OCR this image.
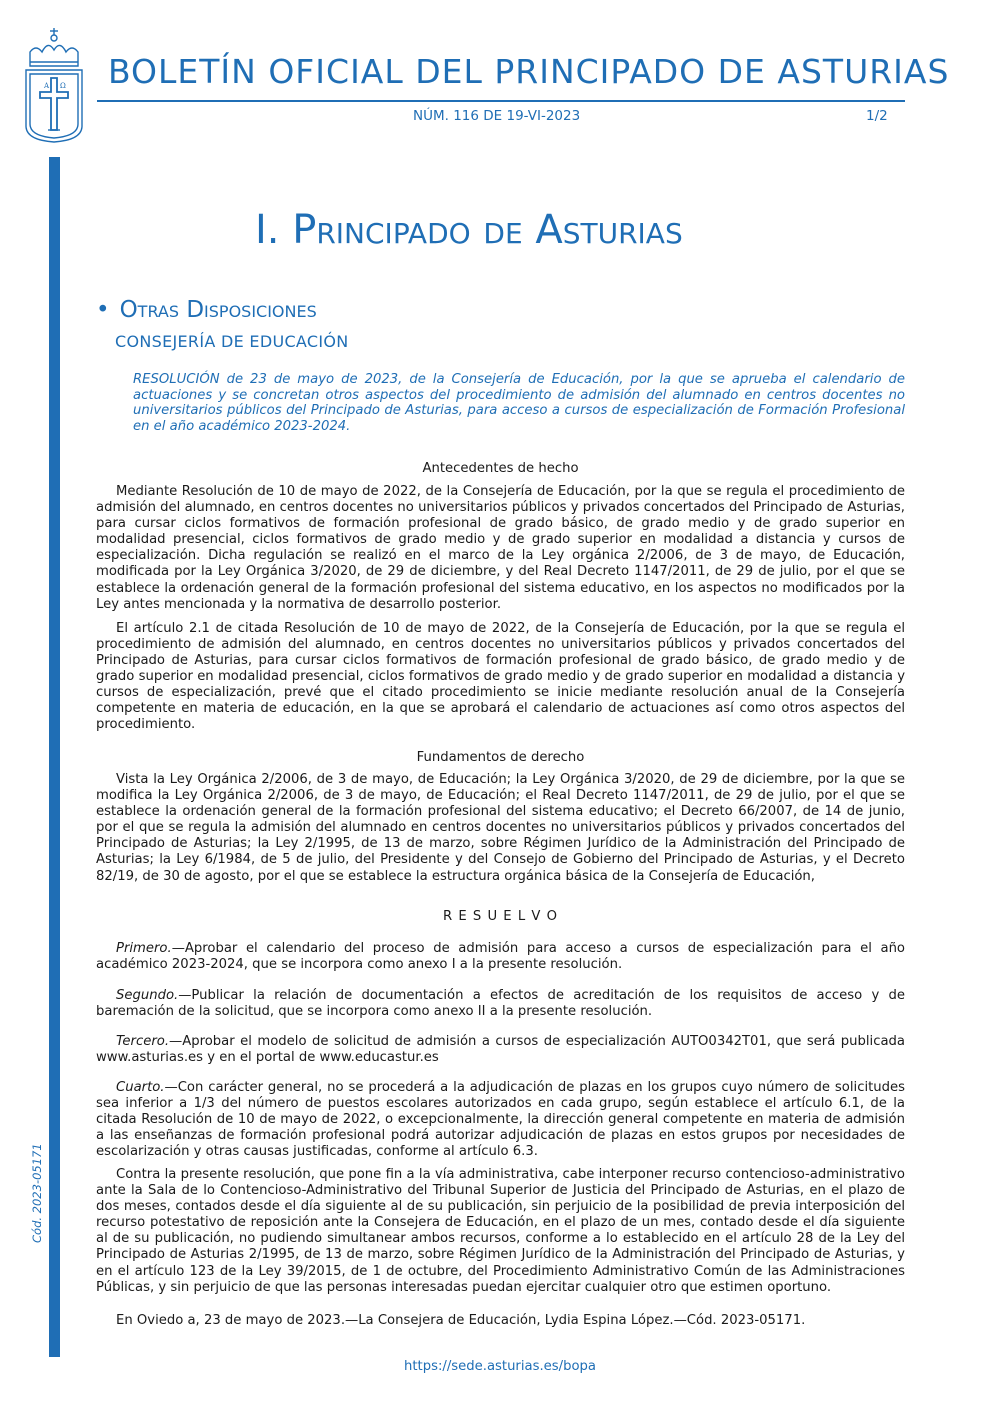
A Ω BOLETÍN OFICIAL DEL PRINCIPADO DE ASTURIAS
NÚM. 116 DE 19-VI-2023	1/2
Cód. 2023-05171
I. Principado de Asturias
• Otras Disposiciones
CONSEJERÍA DE EDUCACIÓN
RESOLUCIÓN de 23 de mayo de 2023, de la Consejería de Educación, por la que se aprueba el calendario de actuaciones y se concretan otros aspectos del procedimiento de admisión del alumnado en centros docentes no universitarios públicos del Principado de Asturias, para acceso a cursos de especialización de Formación Profesional en el año académico 2023-2024.
Antecedentes de hecho

Mediante Resolución de 10 de mayo de 2022, de la Consejería de Educación, por la que se regula el procedimiento de admisión del alumnado, en centros docentes no universitarios públicos y privados concertados del Principado de Asturias, para cursar ciclos formativos de formación profesional de grado básico, de grado medio y de grado superior en modalidad presencial, ciclos formativos de grado medio y de grado superior en modalidad a distancia y cursos de especialización. Dicha regulación se realizó en el marco de la Ley orgánica 2/2006, de 3 de mayo, de Educación, modificada por la Ley Orgánica 3/2020, de 29 de diciembre, y del Real Decreto 1147/2011, de 29 de julio, por el que se establece la ordenación general de la formación profesional del sistema educativo, en los aspectos no modificados por la Ley antes mencionada y la normativa de desarrollo posterior.

El artículo 2.1 de citada Resolución de 10 de mayo de 2022, de la Consejería de Educación, por la que se regula el procedimiento de admisión del alumnado, en centros docentes no universitarios públicos y privados concertados del Principado de Asturias, para cursar ciclos formativos de formación profesional de grado básico, de grado medio y de grado superior en modalidad presencial, ciclos formativos de grado medio y de grado superior en modalidad a distancia y cursos de especialización, prevé que el citado procedimiento se inicie mediante resolución anual de la Consejería competente en materia de educación, en la que se aprobará el calendario de actuaciones así como otros aspectos del procedimiento.

Fundamentos de derecho

Vista la Ley Orgánica 2/2006, de 3 de mayo, de Educación; la Ley Orgánica 3/2020, de 29 de diciembre, por la que se modifica la Ley Orgánica 2/2006, de 3 de mayo, de Educación; el Real Decreto 1147/2011, de 29 de julio, por el que se establece la ordenación general de la formación profesional del sistema educativo; el Decreto 66/2007, de 14 de junio, por el que se regula la admisión del alumnado en centros docentes no universitarios públicos y privados concertados del Principado de Asturias; la Ley 2/1995, de 13 de marzo, sobre Régimen Jurídico de la Administración del Principado de Asturias; la Ley 6/1984, de 5 de julio, del Presidente y del Consejo de Gobierno del Principado de Asturias, y el Decreto 82/19, de 30 de agosto, por el que se establece la estructura orgánica básica de la Consejería de Educación,

R E S U E L V O

Primero.—Aprobar el calendario del proceso de admisión para acceso a cursos de especialización para el año académico 2023-2024, que se incorpora como anexo I a la presente resolución.

Segundo.—Publicar la relación de documentación a efectos de acreditación de los requisitos de acceso y de baremación de la solicitud, que se incorpora como anexo II a la presente resolución.

Tercero.—Aprobar el modelo de solicitud de admisión a cursos de especialización AUTO0342T01, que será publicada www.asturias.es y en el portal de www.educastur.es

Cuarto.—Con carácter general, no se procederá a la adjudicación de plazas en los grupos cuyo número de solicitudes sea inferior a 1/3 del número de puestos escolares autorizados en cada grupo, según establece el artículo 6.1, de la citada Resolución de 10 de mayo de 2022, o excepcionalmente, la dirección general competente en materia de admisión a las enseñanzas de formación profesional podrá autorizar adjudicación de plazas en estos grupos por necesidades de escolarización y otras causas justificadas, conforme al artículo 6.3.

Contra la presente resolución, que pone fin a la vía administrativa, cabe interponer recurso contencioso-administrativo ante la Sala de lo Contencioso-Administrativo del Tribunal Superior de Justicia del Principado de Asturias, en el plazo de dos meses, contados desde el día siguiente al de su publicación, sin perjuicio de la posibilidad de previa interposición del recurso potestativo de reposición ante la Consejera de Educación, en el plazo de un mes, contado desde el día siguiente al de su publicación, no pudiendo simultanear ambos recursos, conforme a lo establecido en el artículo 28 de la Ley del Principado de Asturias 2/1995, de 13 de marzo, sobre Régimen Jurídico de la Administración del Principado de Asturias, y en el artículo 123 de la Ley 39/2015, de 1 de octubre, del Procedimiento Administrativo Común de las Administraciones Públicas, y sin perjuicio de que las personas interesadas puedan ejercitar cualquier otro que estimen oportuno.

En Oviedo a, 23 de mayo de 2023.—La Consejera de Educación, Lydia Espina López.—Cód. 2023-05171.

https://sede.asturias.es/bopa
